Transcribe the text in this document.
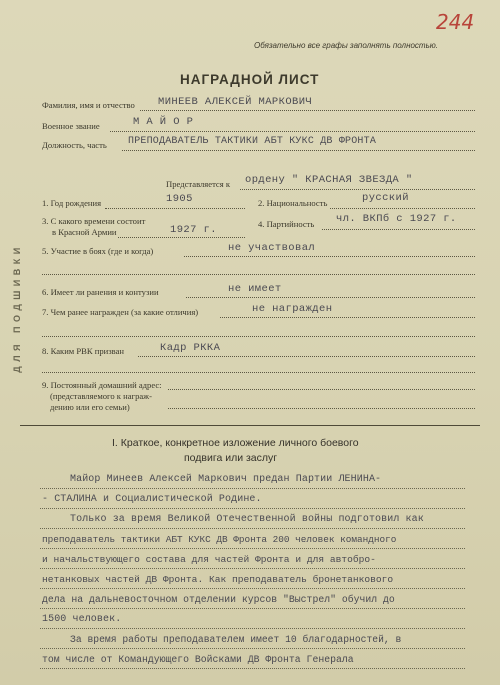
244
Обязательно все графы заполнять полностью.
НАГРАДНОЙ ЛИСТ
ДЛЯ ПОДШИВКИ
Фамилия, имя и отчество МИНЕЕВ АЛЕКСЕЙ МАРКОВИЧ
Военное звание	М А Й О Р
Должность, часть ПРЕПОДАВАТЕЛЬ ТАКТИКИ АБТ КУКС ДВ ФРОНТА
Представляется к ордену " КРАСНАЯ ЗВЕЗДА "
1. Год рождения	1905	2. Национальность	русский
3. С какого времени состоит
в Красной Армии	1927 г.	4. Партийность чл. ВКПб с 1927 г.
5. Участие в боях (где и когда)	не участвовал
6. Имеет ли ранения и контузии	не имеет
7. Чем ранее награжден (за какие отличия)	не награжден
8. Каким РВК призван	Кадр РККА
9. Постоянный домашний адрес:
(представляемого к награж-
дению или его семьи)
I. Краткое, конкретное изложение личного боевого
подвига или заслуг
Майор Минеев Алексей Маркович предан Партии ЛЕНИНА-
- СТАЛИНА и Социалистической Родине.
Только за время Великой Отечественной войны подготовил как
преподаватель тактики АБТ КУКС ДВ Фронта 200 человек командного
и начальствующего состава для частей Фронта и для автобро-
нетанковых частей ДВ Фронта. Как преподаватель бронетанкового
дела на дальневосточном отделении курсов "Выстрел" обучил до
1500 человек.
За время работы преподавателем имеет 10 благодарностей, в
том числе от Командующего Войсками ДВ Фронта Генерала
